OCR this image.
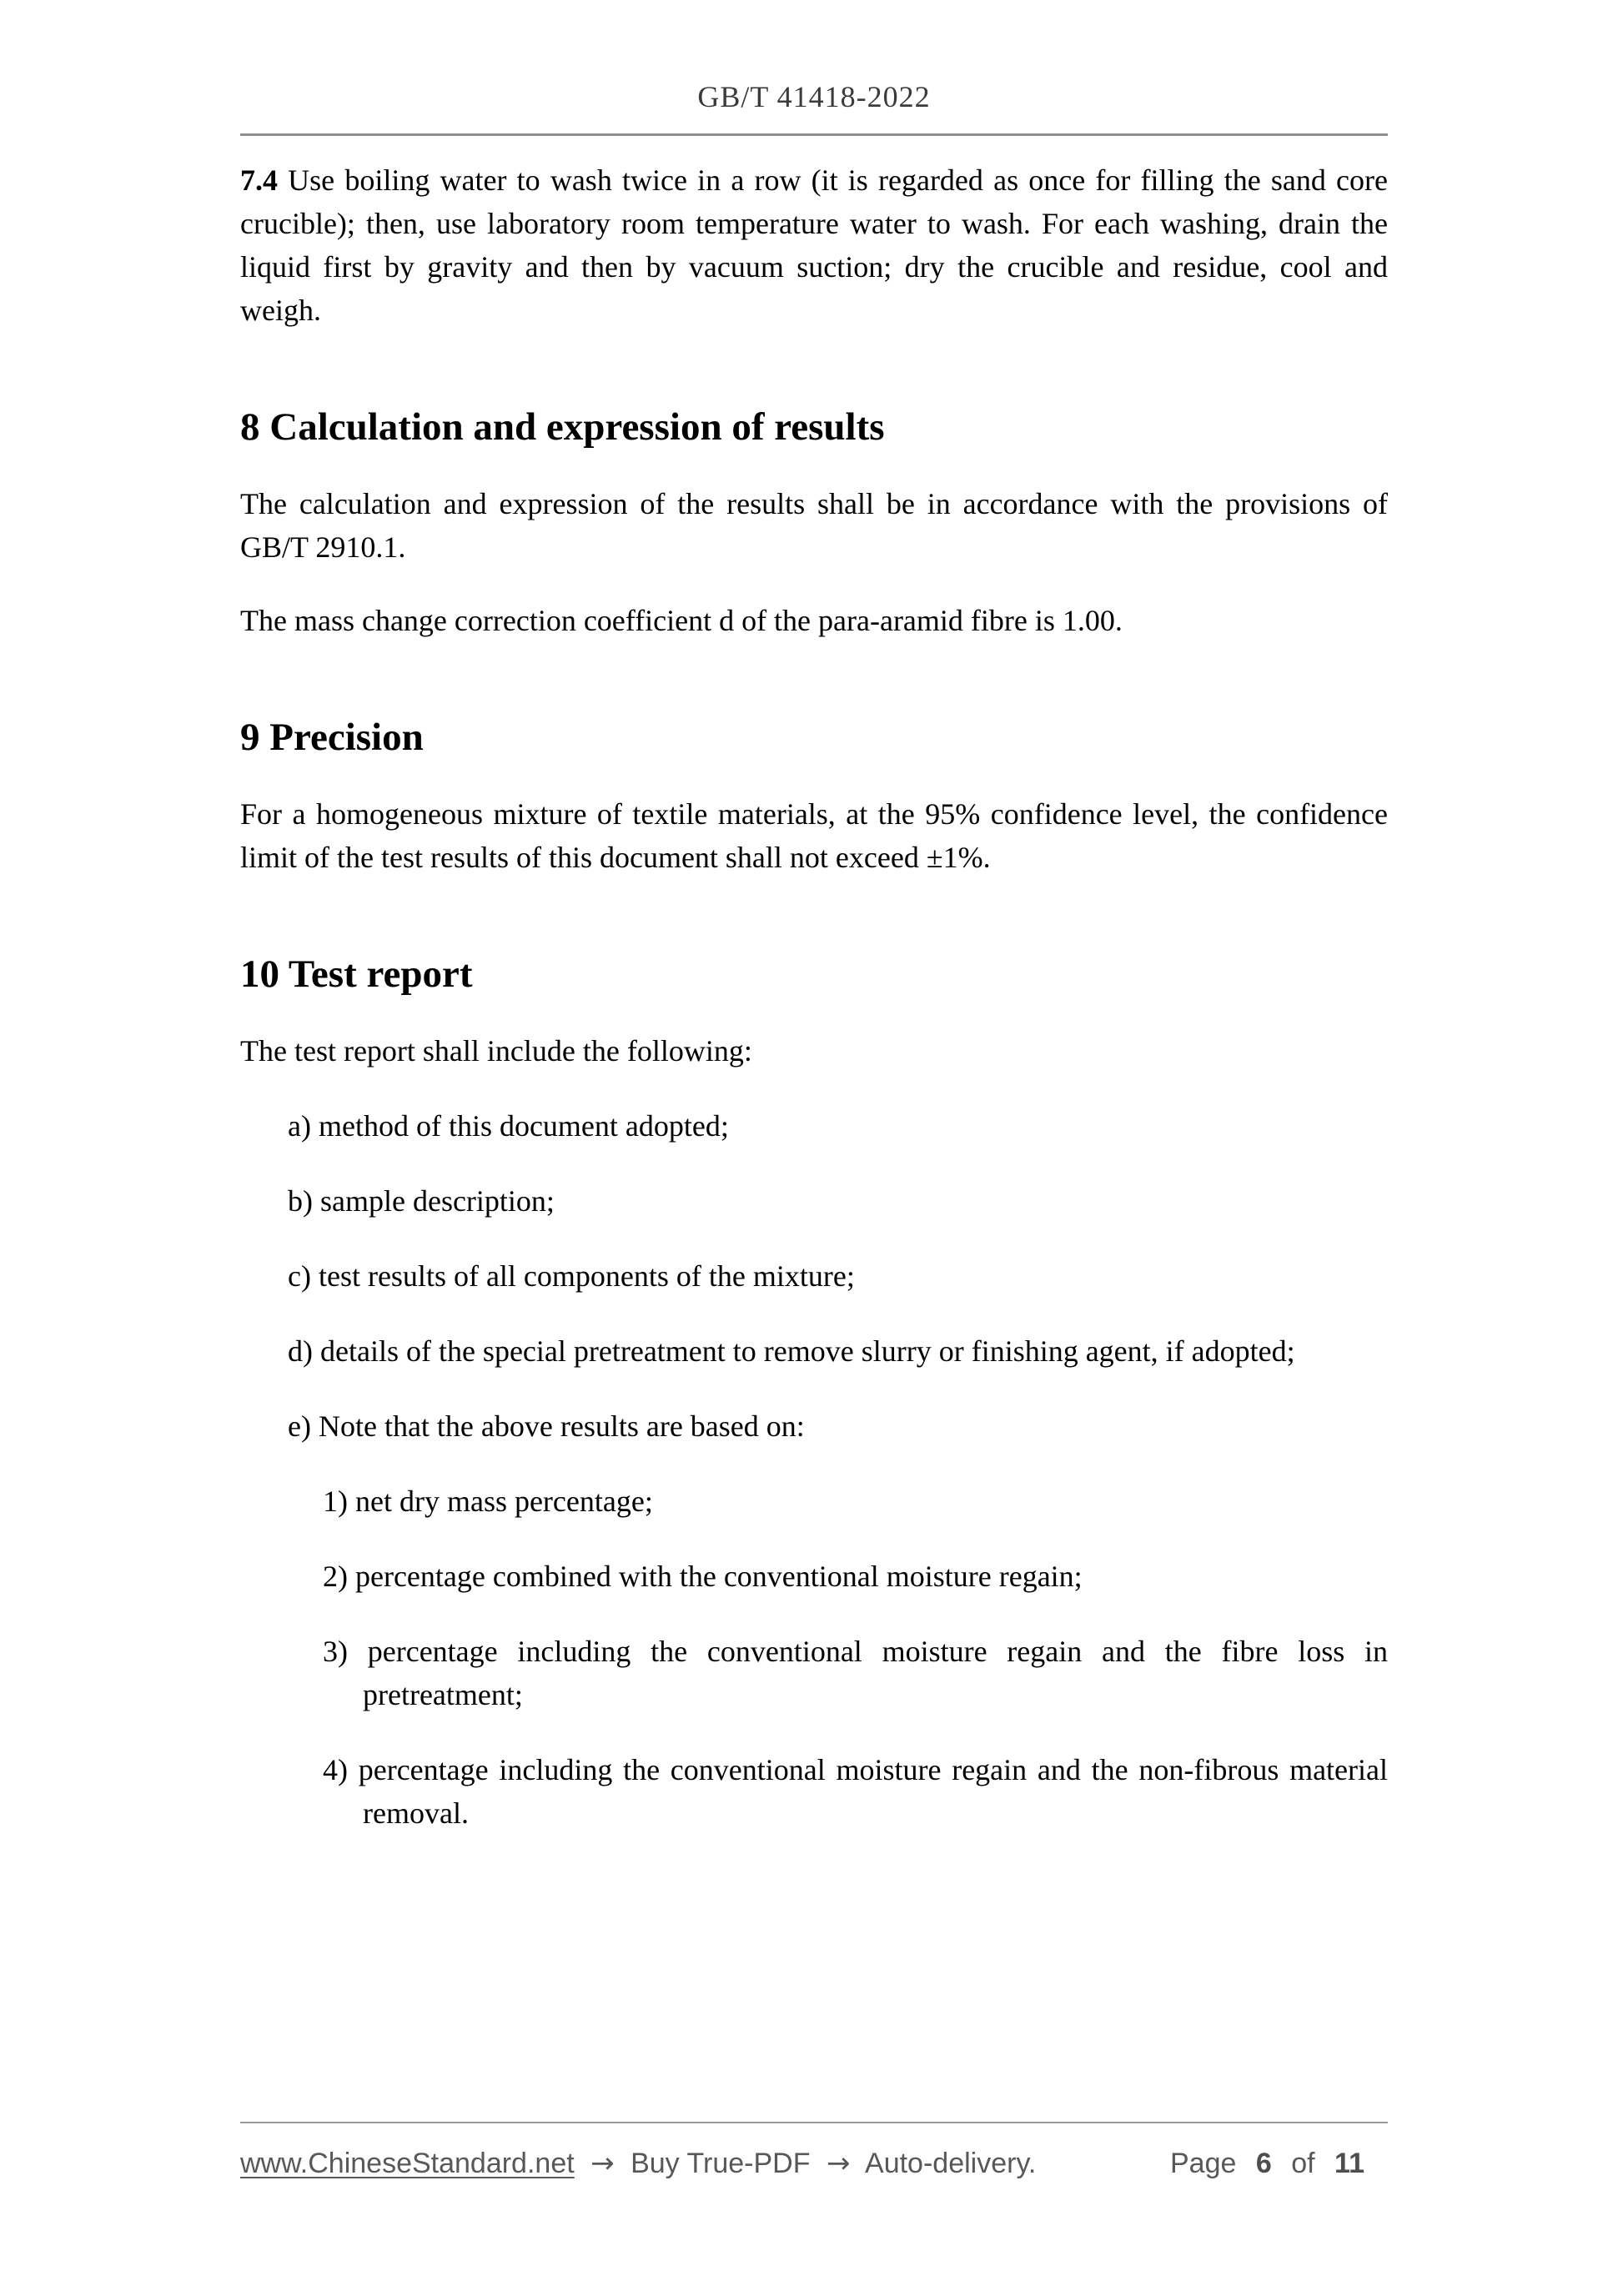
GB/T 41418-2022

7.4 Use boiling water to wash twice in a row (it is regarded as once for filling the sand core crucible); then, use laboratory room temperature water to wash. For each washing, drain the liquid first by gravity and then by vacuum suction; dry the crucible and residue, cool and weigh.

8 Calculation and expression of results

The calculation and expression of the results shall be in accordance with the provisions of GB/T 2910.1.

The mass change correction coefficient d of the para-aramid fibre is 1.00.

9 Precision

For a homogeneous mixture of textile materials, at the 95% confidence level, the confidence limit of the test results of this document shall not exceed ±1%.

10 Test report

The test report shall include the following:

a) method of this document adopted;

b) sample description;

c) test results of all components of the mixture;

d) details of the special pretreatment to remove slurry or finishing agent, if adopted;

e) Note that the above results are based on:

1) net dry mass percentage;

2) percentage combined with the conventional moisture regain;

3) percentage including the conventional moisture regain and the fibre loss in pretreatment;

4) percentage including the conventional moisture regain and the non-fibrous material removal.

www.ChineseStandard.net → Buy True-PDF → Auto-delivery.	Page 6 of 11
